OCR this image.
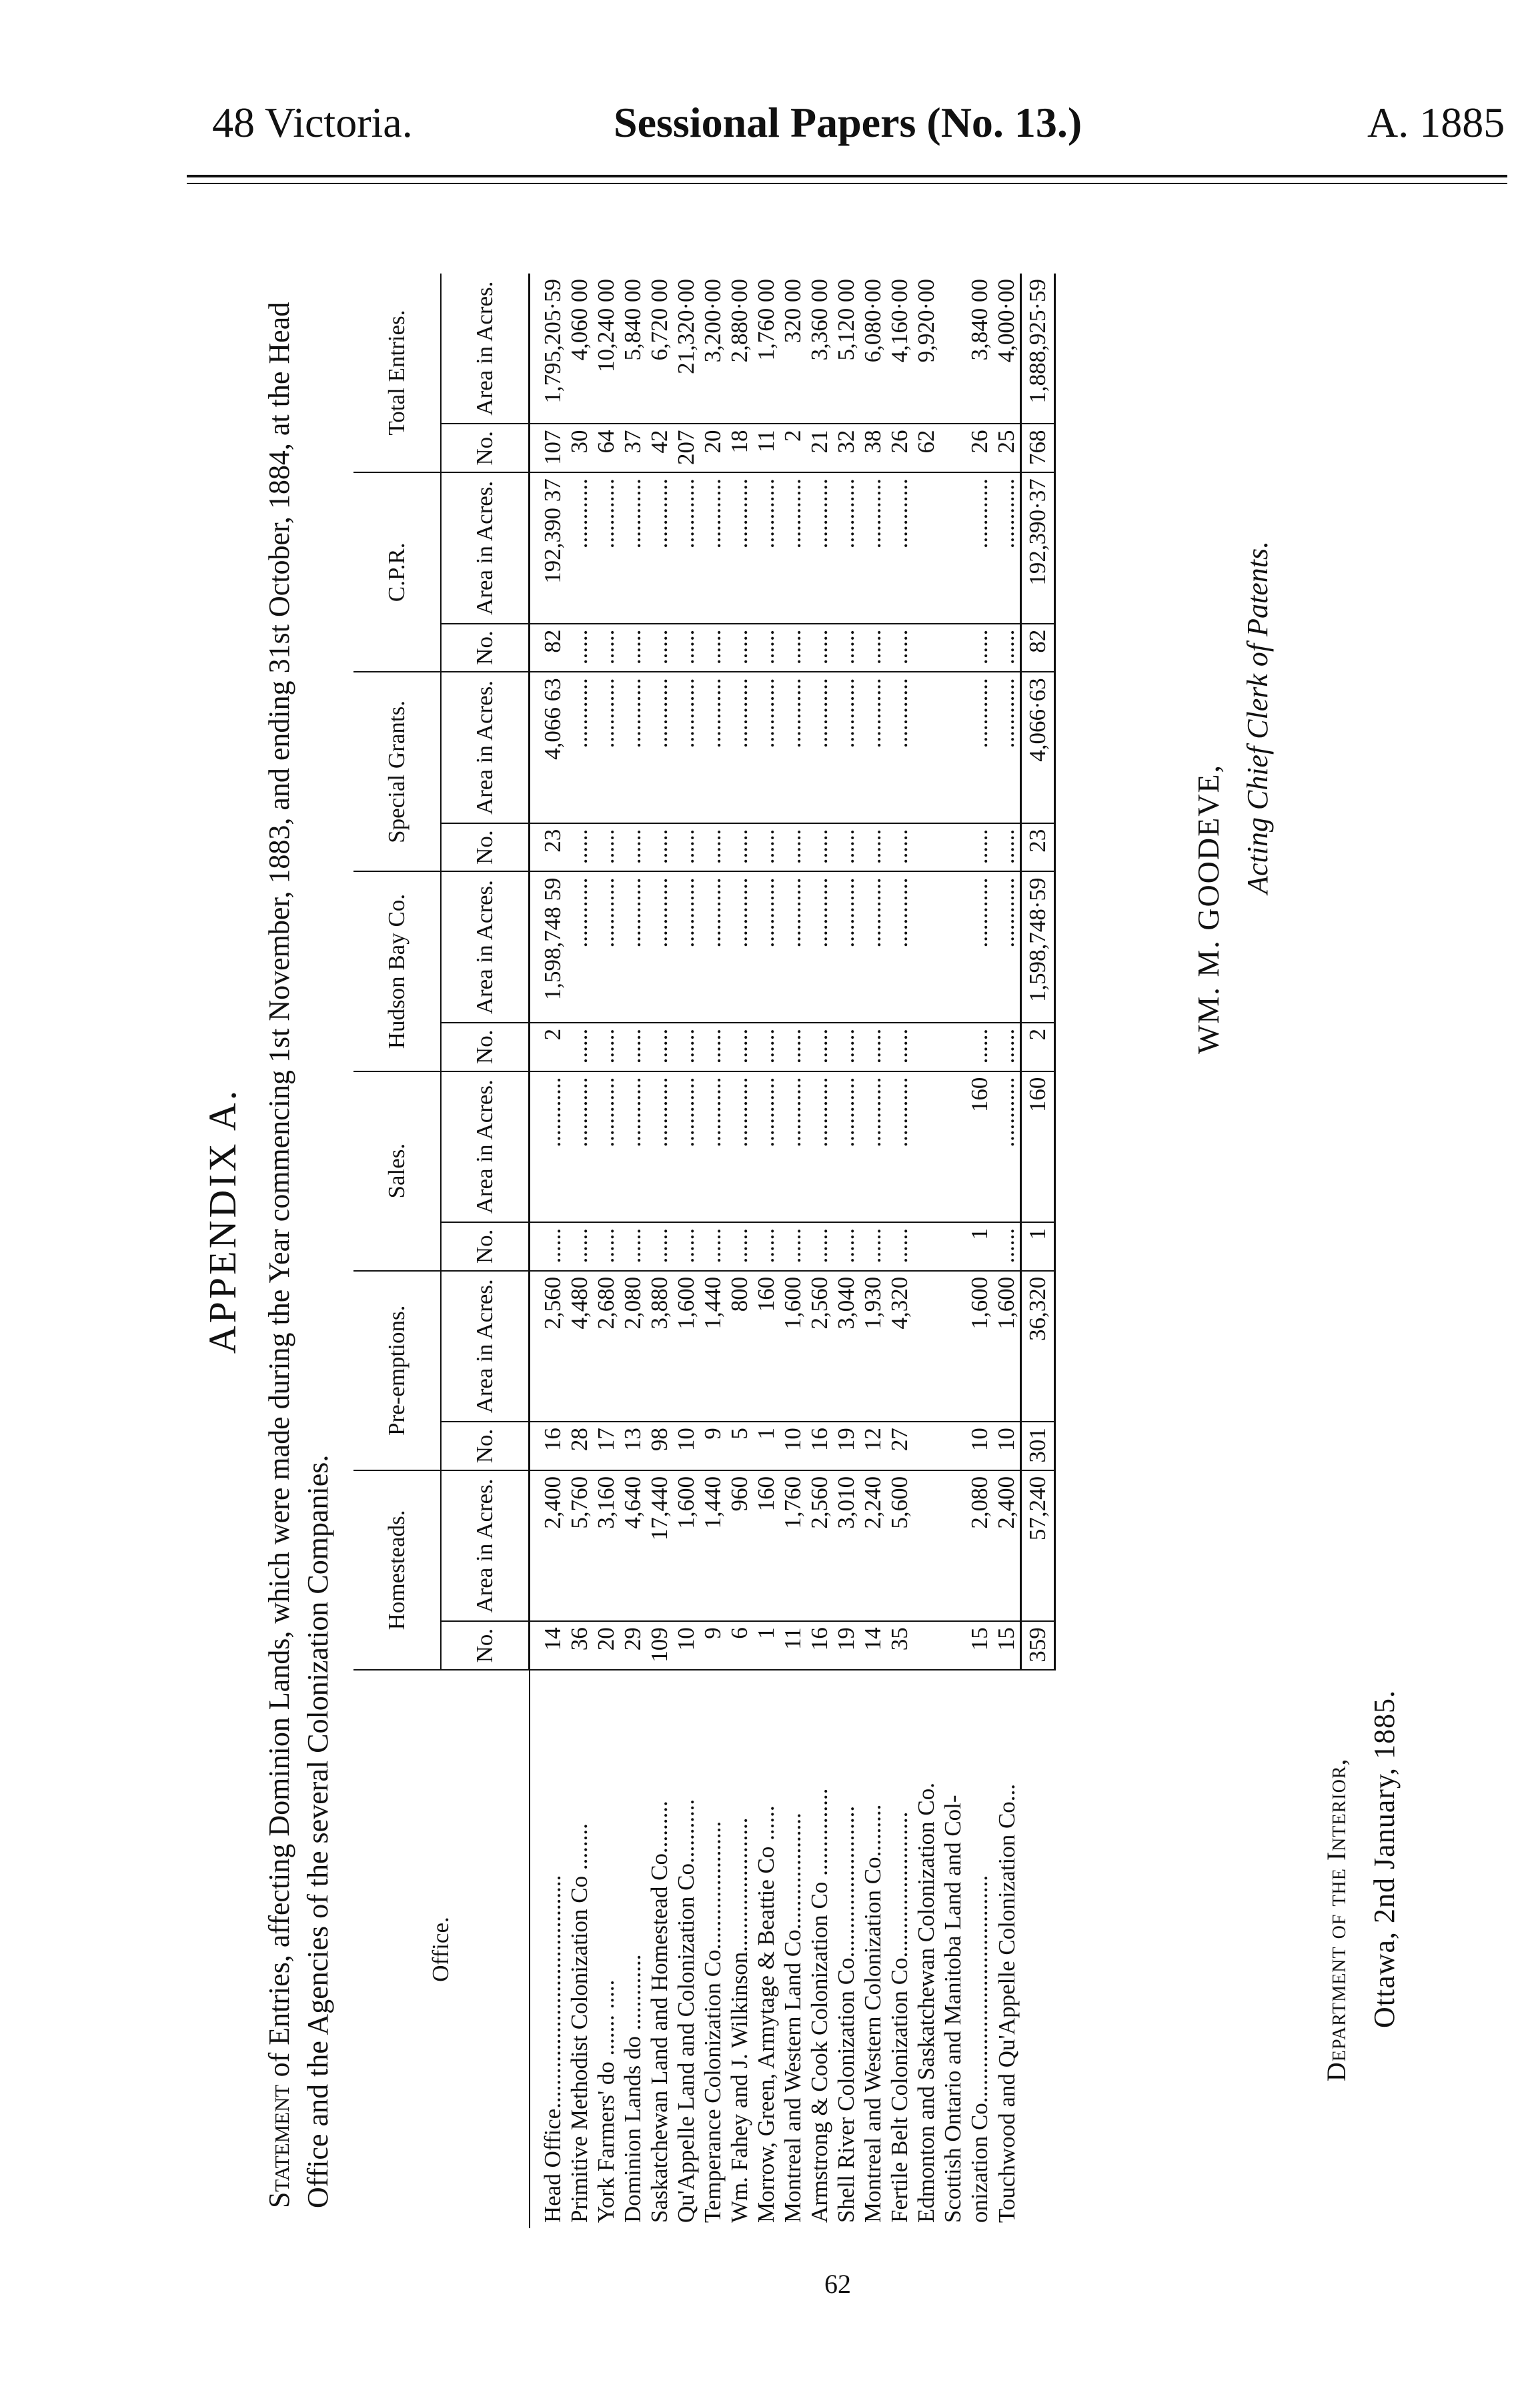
48 Victoria.	Sessional Papers (No. 13.)	A. 1885
APPENDIX A.
Statement of Entries, affecting Dominion Lands, which were made during the Year commencing 1st November, 1883, and ending 31st October, 1884, at the Head Office and the Agencies of the several Colonization Companies.	Office.	Homesteads.		Pre-emptions.		Sales.		Hudson Bay Co.		Special Grants.		C.P.R.		Total Entries.	
	No.	Area in Acres.	No.	Area in Acres.	No.	Area in Acres.	No.	Area in Acres.	No.	Area in Acres.	No.	Area in Acres.	No.	Area in Acres.
Head Office........................................	14	2,400	16	2,560	......	............	2	1,598,748 59	23	4,066 63	82	192,390 37	107	1,795,205·59
Primitive Methodist Colonization Co ........	36	5,760	28	4,480	......	............	......	............	......	............	......	............	30	4,060 00
York Farmers' do ....... .....	20	3,160	17	2,680	......	............	......	............	......	............	......	............	64	10,240 00
Dominion Lands do .............	29	4,640	13	2,080	......	............	......	............	......	............	......	............	37	5,840 00
Saskatchewan Land and Homestead Co.........	109	17,440	98	3,880	......	............	......	............	......	............	......	............	42	6,720 00
Qu'Appelle Land and Colonization Co...........	10	1,600	10	1,600	......	............	......	............	......	............	......	............	207	21,320·00
Temperance Colonization Co......................	9	1,440	9	1,440	......	............	......	............	......	............	......	............	20	3,200·00
Wm. Fahey and J. Wilkinson.......................	6	960	5	800	......	............	......	............	......	............	......	............	18	2,880·00
Morrow, Green, Armytage & Beattie Co ......	1	160	1	160	......	............	......	............	......	............	......	............	11	1,760 00
Montreal and Western Land Co....................	11	1,760	10	1,600	......	............	......	............	......	............	......	............	2	320 00
Armstrong & Cook Colonization Co ...............	16	2,560	16	2,560	......	............	......	............	......	............	......	............	21	3,360 00
Shell River Colonization Co..........................	19	3,010	19	3,040	......	............	......	............	......	............	......	............	32	5,120 00
Montreal and Western Colonization Co.........	14	2,240	12	1,930	......	............	......	............	......	............	......	............	38	6,080·00
Fertile Belt Colonization Co.........................	35	5,600	27	4,320	......	............	......	............	......	............	......	............	26	4,160·00
Edmonton and Saskatchewan Colonization Co.													62	9,920·00
Scottish Ontario and Manitoba Land and Col-														
onization Co.......................................	15	2,080	10	1,600	1	160	......	............	......	............	......	............	26	3,840 00
Touchwood and Qu'Appelle Colonization Co...	15	2,400	10	1,600	......	............	......	............	......	............	......	............	25	4,000·00
	359	57,240	301	36,320	1	160	2	1,598,748·59	23	4,066·63	82	192,390·37	768	1,888,925·59
WM. M. GOODEVE,
Acting Chief Clerk of Patents.
Department of the Interior, Ottawa, 2nd January, 1885.
62
